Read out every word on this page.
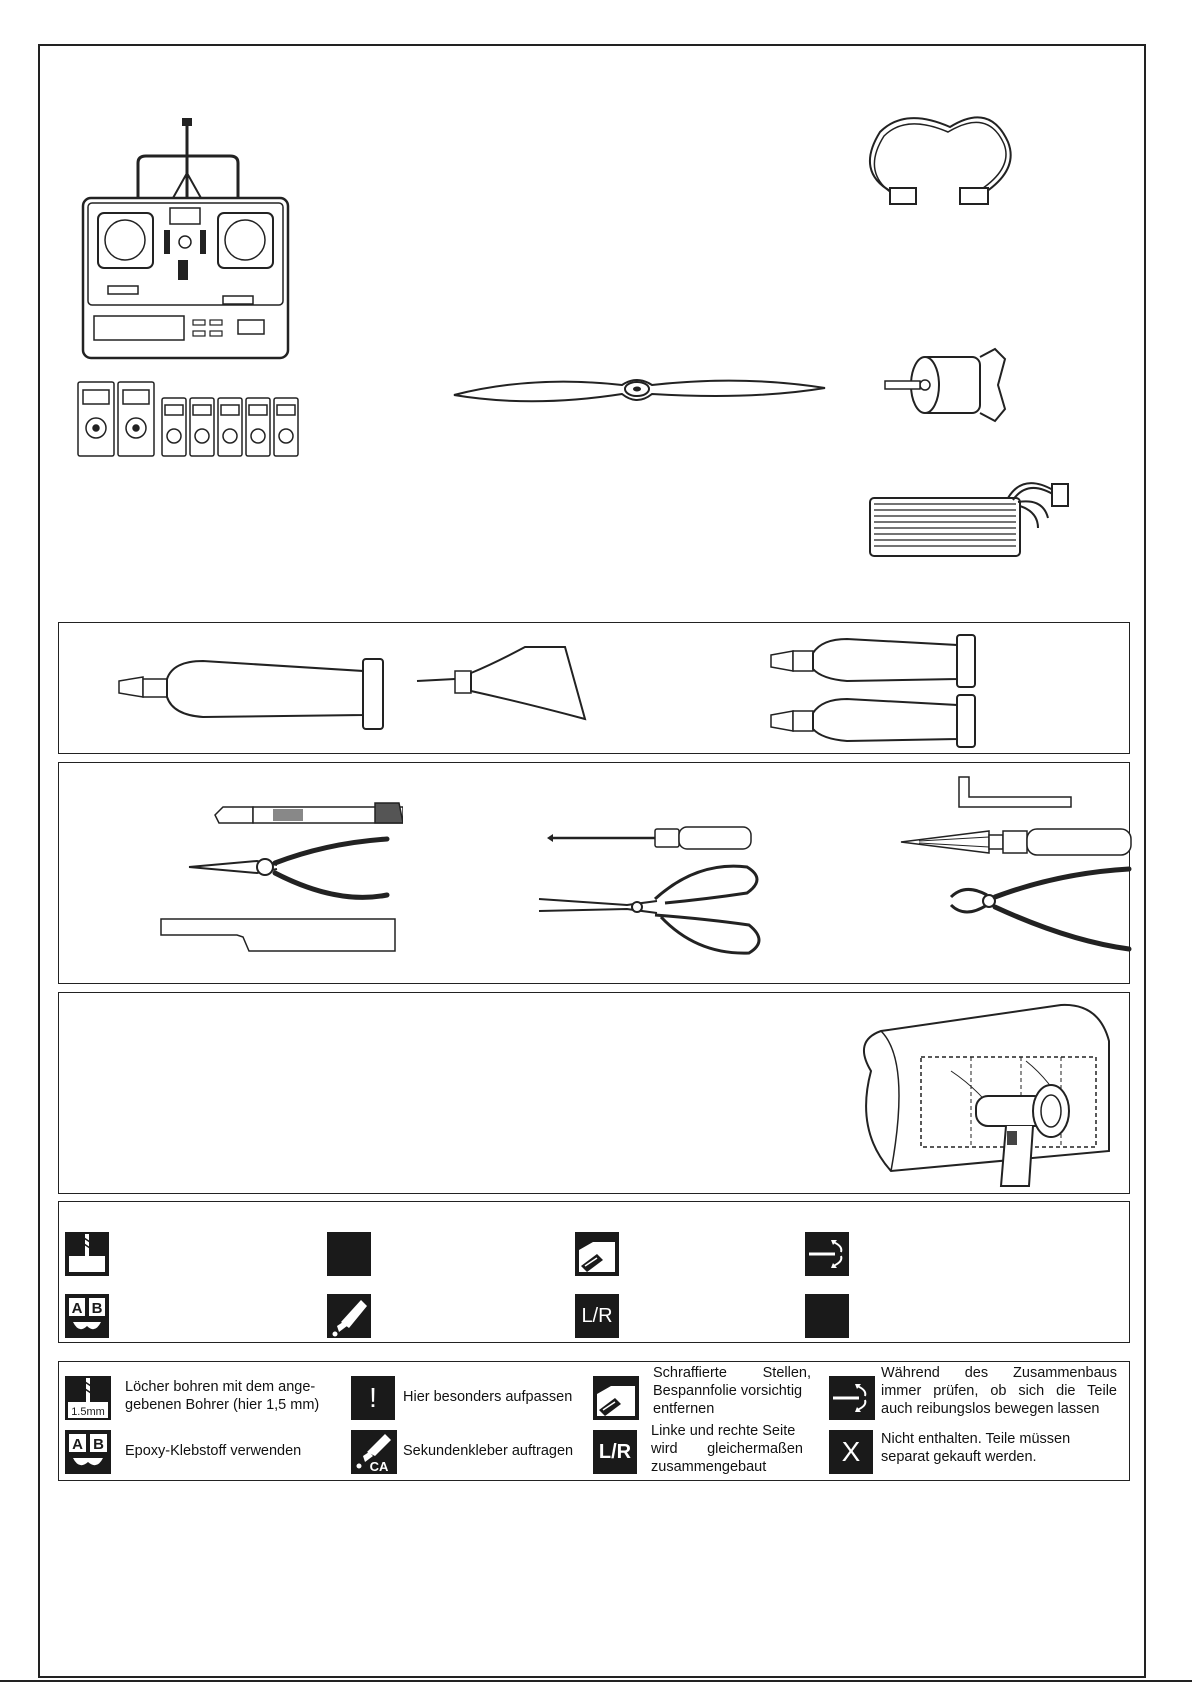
A B	L/R
1.5mm
Löcher bohren mit dem ange-
gebenen Bohrer (hier 1,5 mm) ! Hier besonders aufpassen
Schraffierte Stellen,
Bespannfolie vorsichtig
entfernen
Während des Zusammenbaus
immer prüfen, ob sich die Teile
auch reibungslos bewegen lassen
A B Epoxy-Klebstoff verwenden
CA
Sekundenkleber auftragen L/R
Linke und rechte Seite
wird gleichermaßen
zusammengebaut	X Nicht enthalten. Teile müssen
separat gekauft werden.
